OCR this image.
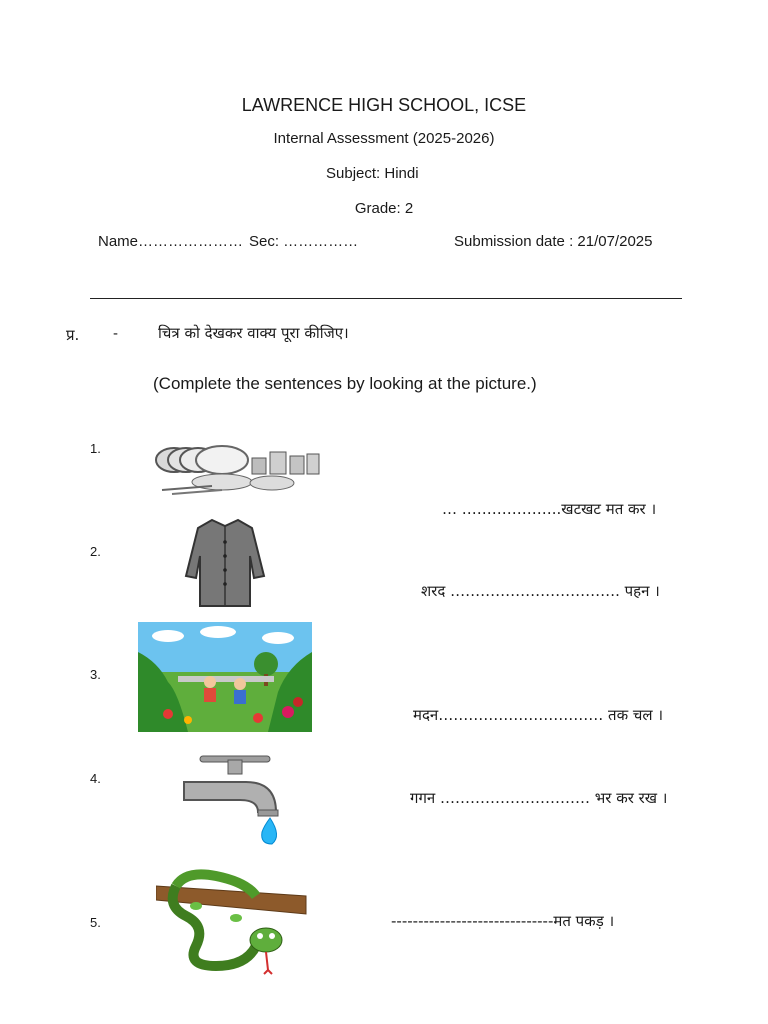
LAWRENCE HIGH SCHOOL, ICSE
Internal Assessment (2025-2026)
Subject: Hindi
Grade: 2
Name………………… Sec: ……………	Submission date : 21/07/2025
प्र. -	चित्र को देखकर वाक्य पूरा कीजिए।
(Complete the sentences by looking at the picture.)
1.
… ………………..खटखट मत कर ।
2.
शरद ……………………………. पहन ।
3.
मदन…………………………… तक चल ।
4.
गगन ………………………… भर कर रख ।
5.	------------------------------मत पकड़ ।
